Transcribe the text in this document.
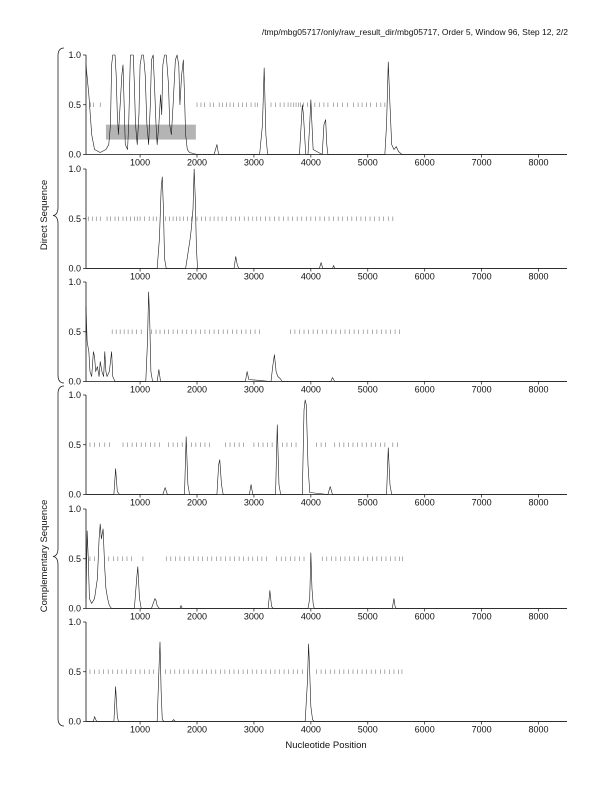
/tmp/mbg05717/only/raw_result_dir/mbg05717, Order 5, Window 96, Step 12, 2/2
Direct Sequence
Complementary Sequence
0.0
0.5
1.0
1000	2000	3000	4000	5000	6000	7000	8000
0.0
0.5
1.0
1000	2000	3000	4000	5000	6000	7000	8000
0.0
0.5
1.0
1000	2000	3000	4000	5000	6000	7000	8000
0.0
0.5
1.0
1000	2000	3000	4000	5000	6000	7000	8000
0.0
0.5
1.0
1000	2000	3000	4000	5000	6000	7000	8000
0.0
0.5
1.0
1000	2000	3000	4000	5000	6000	7000	8000
Nucleotide Position
